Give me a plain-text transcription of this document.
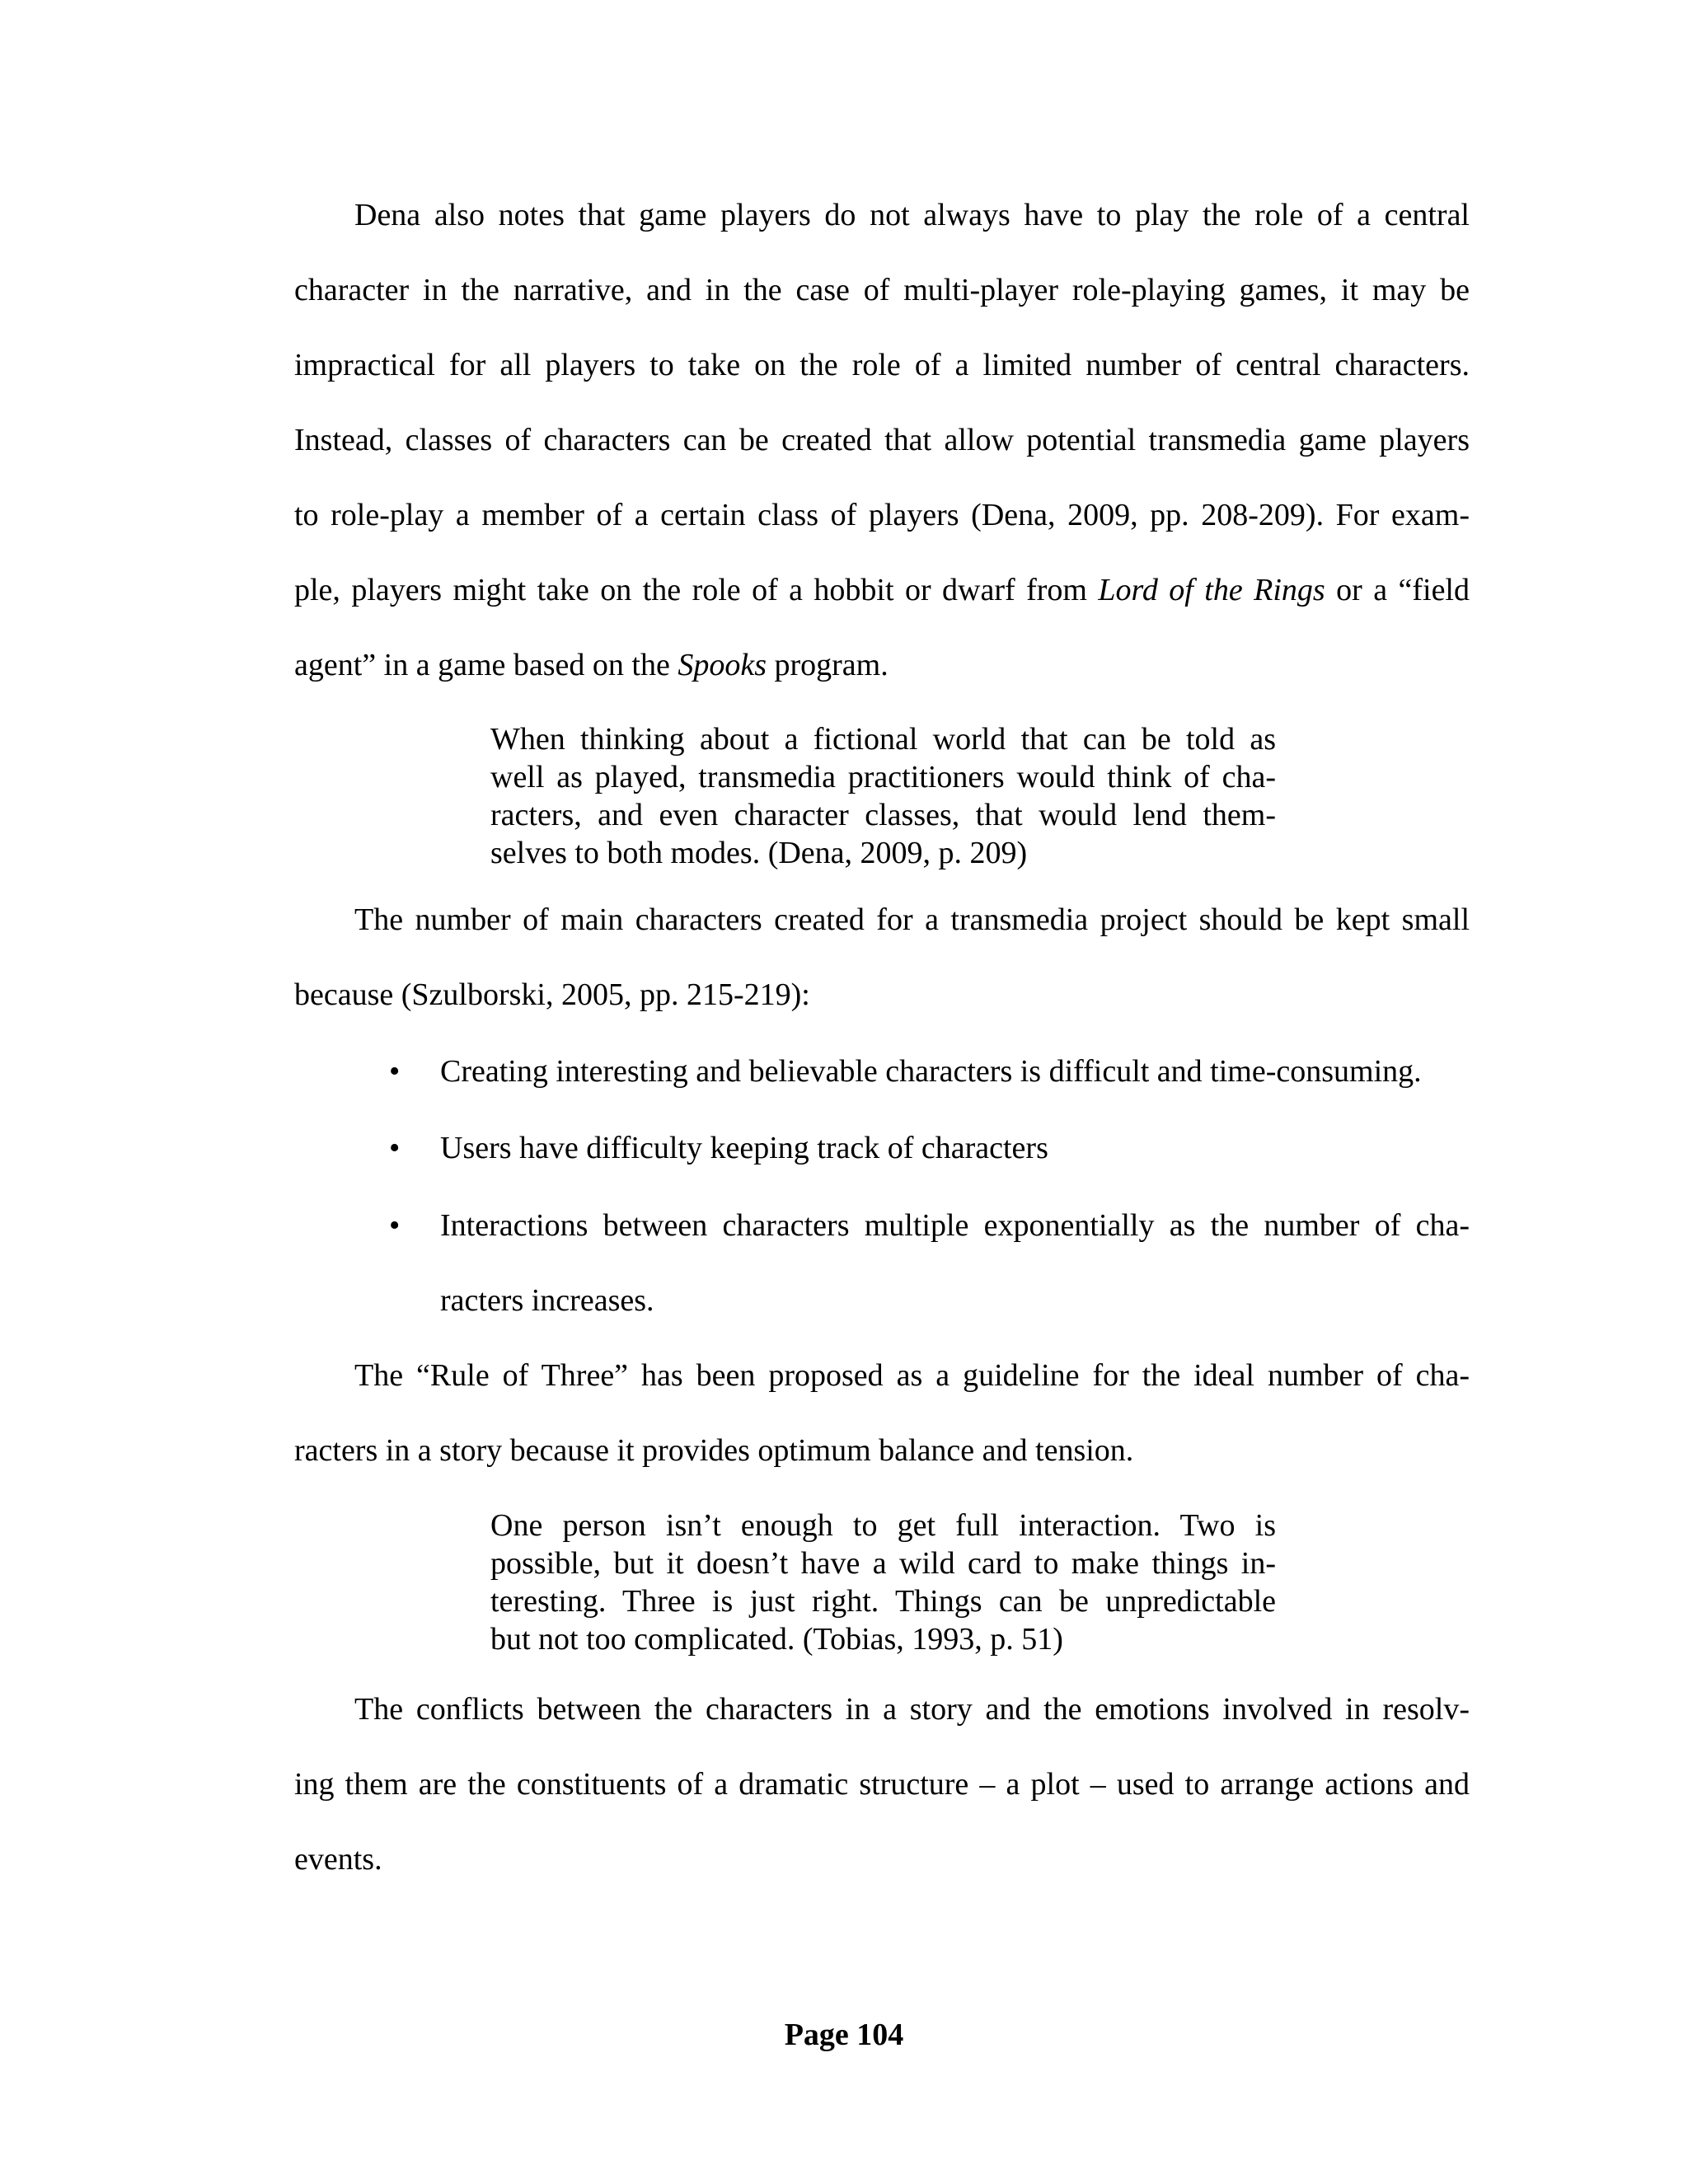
Dena also notes that game players do not always have to play the role of a central
character in the narrative, and in the case of multi-player role-playing games, it may be
impractical for all players to take on the role of a limited number of central characters.
Instead, classes of characters can be created that allow potential transmedia game players
to role-play a member of a certain class of players (Dena, 2009, pp. 208-209). For exam-
ple, players might take on the role of a hobbit or dwarf from Lord of the Rings or a “field
agent” in a game based on the Spooks program.
When thinking about a fictional world that can be told as
well as played, transmedia practitioners would think of cha-
racters, and even character classes, that would lend them-
selves to both modes. (Dena, 2009, p. 209)
The number of main characters created for a transmedia project should be kept small
because (Szulborski, 2005, pp. 215-219):
• Creating interesting and believable characters is difficult and time-consuming.
• Users have difficulty keeping track of characters
• Interactions between characters multiple exponentially as the number of cha-
racters increases.
The “Rule of Three” has been proposed as a guideline for the ideal number of cha-
racters in a story because it provides optimum balance and tension.
One person isn’t enough to get full interaction. Two is
possible, but it doesn’t have a wild card to make things in-
teresting. Three is just right. Things can be unpredictable
but not too complicated. (Tobias, 1993, p. 51)
The conflicts between the characters in a story and the emotions involved in resolv-
ing them are the constituents of a dramatic structure – a plot – used to arrange actions and
events.
Page 104
